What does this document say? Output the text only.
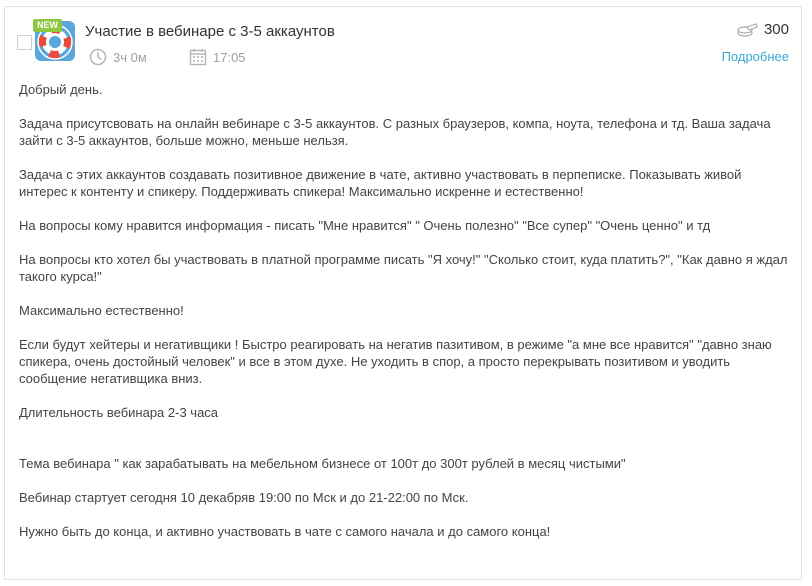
NEW Участие в вебинаре с 3-5 аккаунтов
3ч 0м	17:05
300
Подробнее

Добрый день.

Задача присутсвовать на онлайн вебинаре с 3-5 аккаунтов. С разных браузеров, компа, ноута, телефона и тд. Ваша задача зайти с 3-5 аккаунтов, больше можно, меньше нельзя.

Задача с этих аккаунтов создавать позитивное движение в чате, активно участвовать в перпеписке. Показывать живой интерес к контенту и спикеру. Поддерживать спикера! Максимально искренне и естественно!

На вопросы кому нравится информация - писать "Мне нравится" " Очень полезно" "Все супер" "Очень ценно" и тд

На вопросы кто хотел бы участвовать в платной программе писать "Я хочу!" "Сколько стоит, куда платить?", "Как давно я ждал такого курса!"

Максимально естественно!

Если будут хейтеры и негативщики ! Быстро реагировать на негатив пазитивом, в режиме "а мне все нравится" "давно знаю спикера, очень достойный человек" и все в этом духе. Не уходить в спор, а просто перекрывать позитивом и уводить сообщение негативщика вниз.

Длительность вебинара 2-3 часа

Тема вебинара " как зарабатывать на мебельном бизнесе от 100т до 300т рублей в месяц чистыми"

Вебинар стартует сегодня 10 декабряв 19:00 по Мск и до 21-22:00 по Мск.

Нужно быть до конца, и активно участвовать в чате с самого начала и до самого конца!
